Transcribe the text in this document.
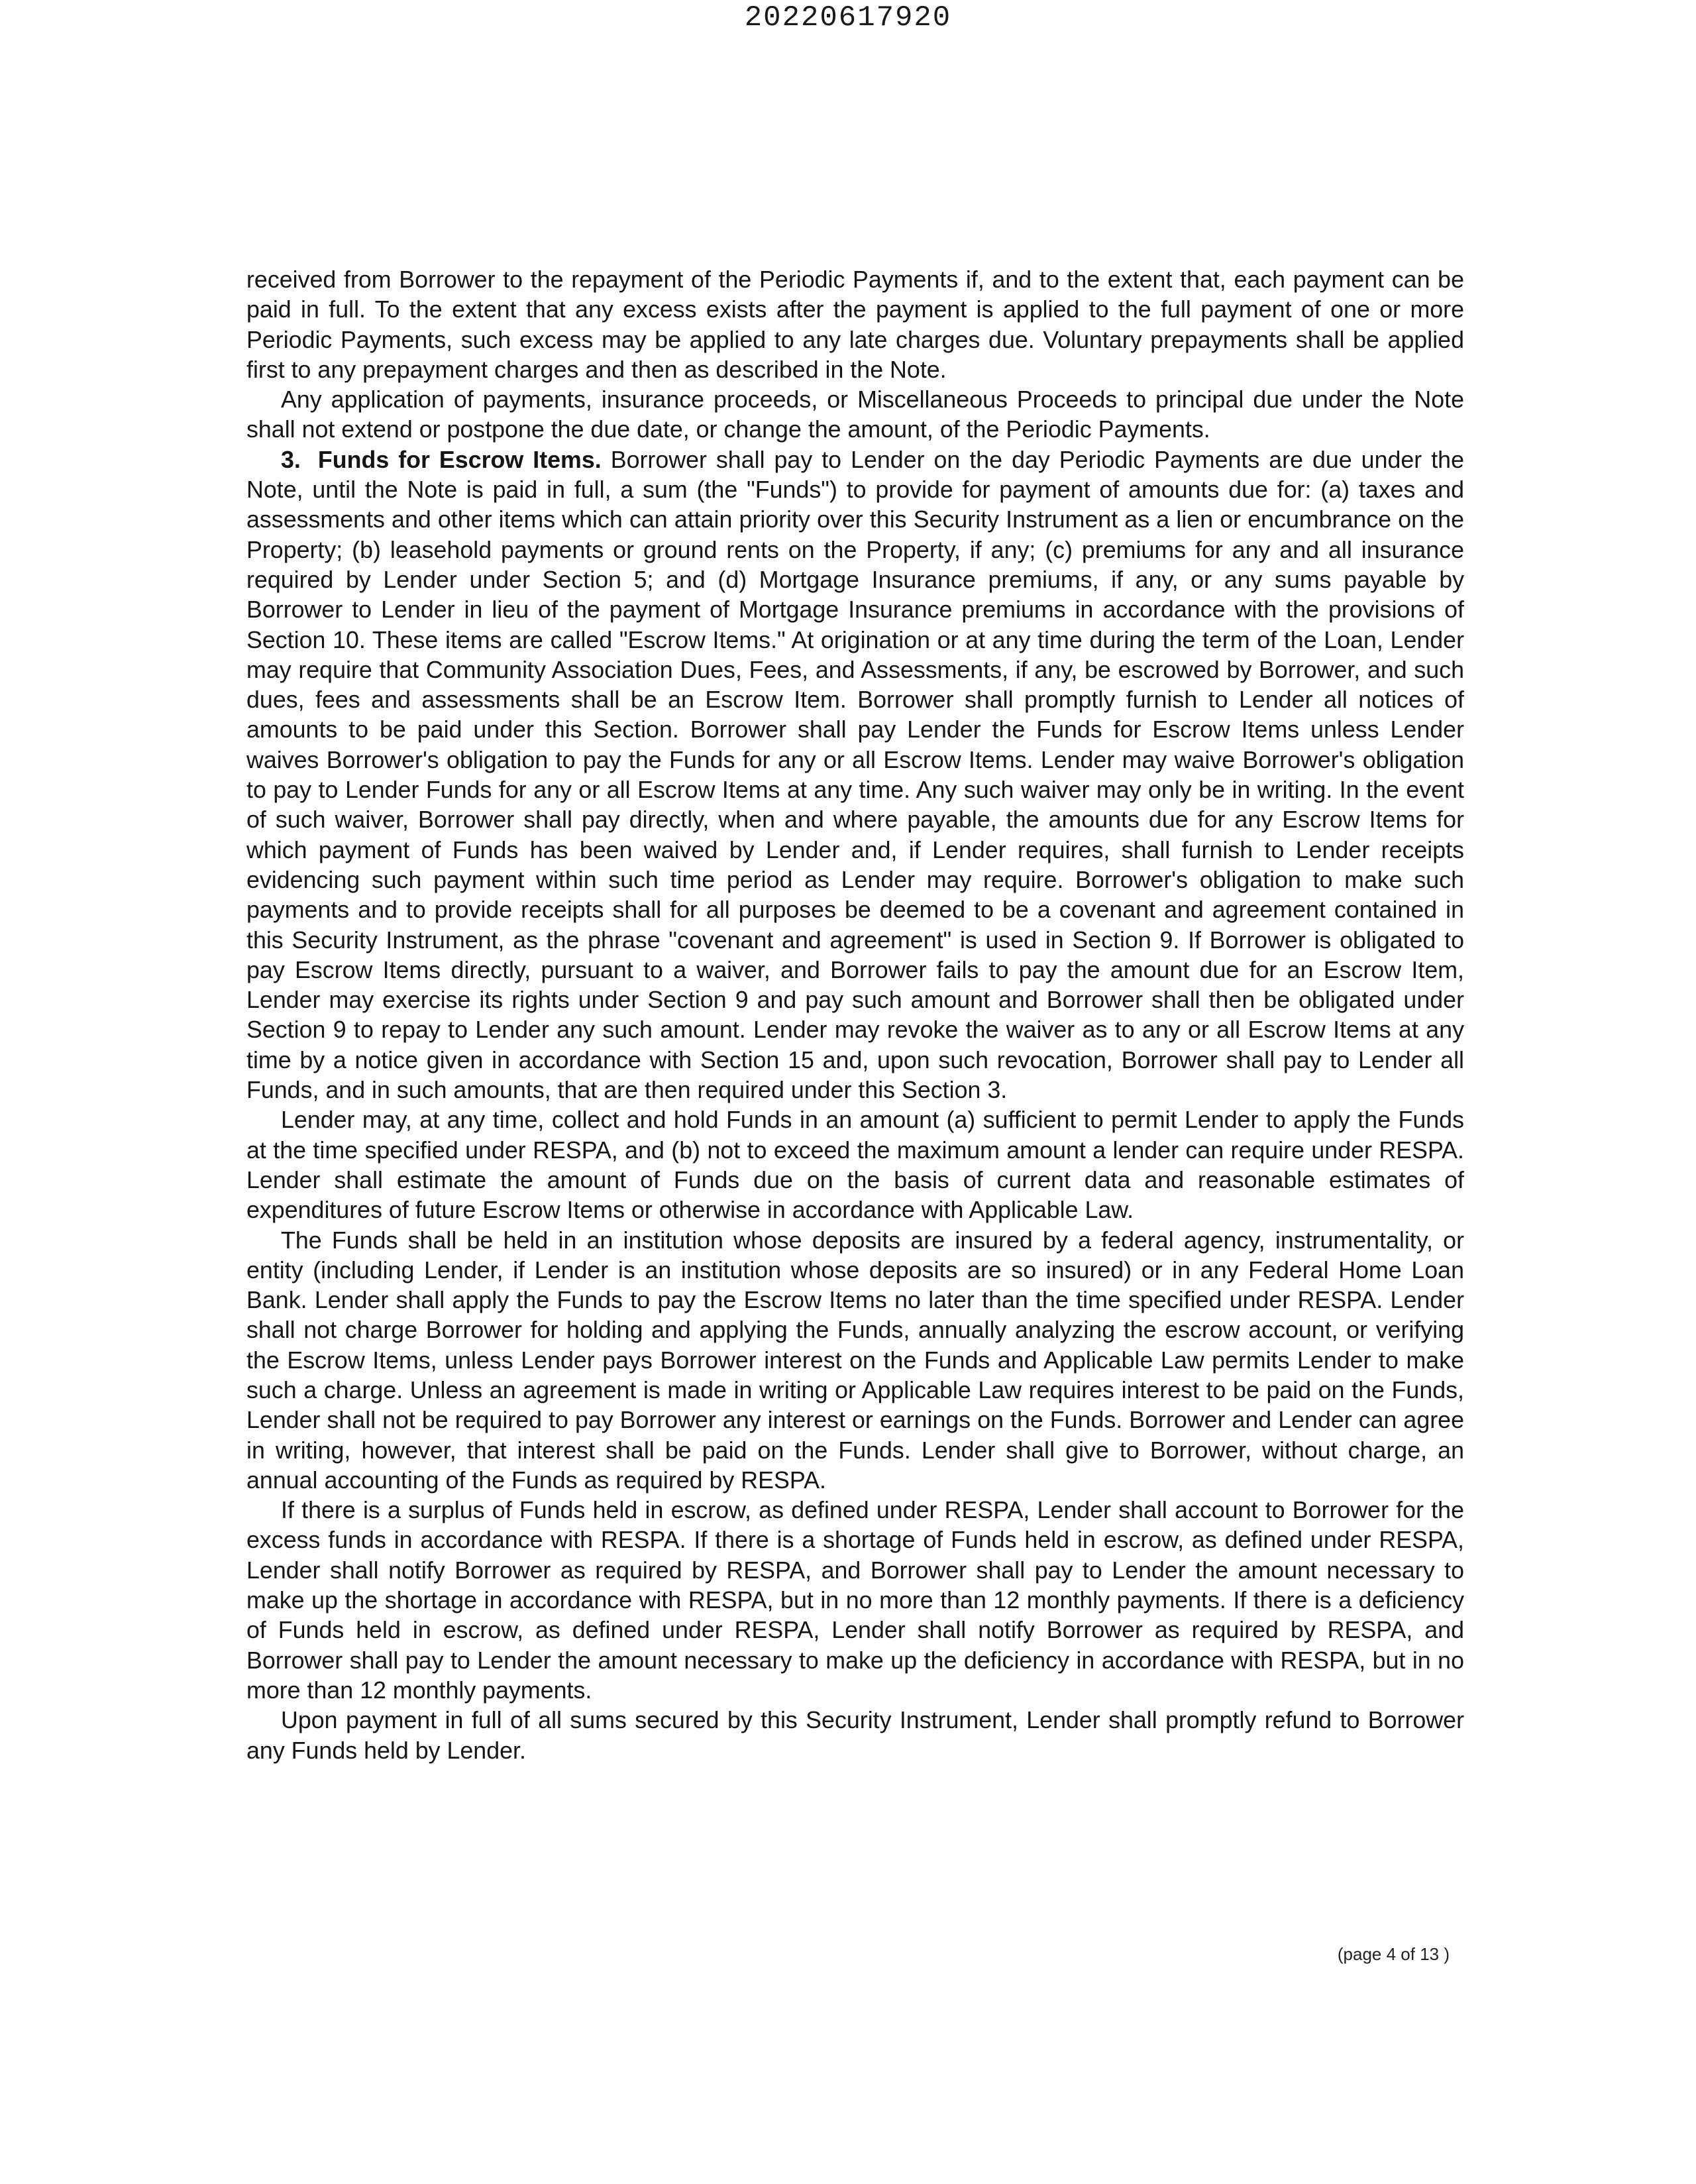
20220617920

received from Borrower to the repayment of the Periodic Payments if, and to the extent that, each payment can be paid in full. To the extent that any excess exists after the payment is applied to the full payment of one or more Periodic Payments, such excess may be applied to any late charges due. Voluntary prepayments shall be applied first to any prepayment charges and then as described in the Note.

Any application of payments, insurance proceeds, or Miscellaneous Proceeds to principal due under the Note shall not extend or postpone the due date, or change the amount, of the Periodic Payments.

3. Funds for Escrow Items. Borrower shall pay to Lender on the day Periodic Payments are due under the Note, until the Note is paid in full, a sum (the "Funds") to provide for payment of amounts due for: (a) taxes and assessments and other items which can attain priority over this Security Instrument as a lien or encumbrance on the Property; (b) leasehold payments or ground rents on the Property, if any; (c) premiums for any and all insurance required by Lender under Section 5; and (d) Mortgage Insurance premiums, if any, or any sums payable by Borrower to Lender in lieu of the payment of Mortgage Insurance premiums in accordance with the provisions of Section 10. These items are called "Escrow Items." At origination or at any time during the term of the Loan, Lender may require that Community Association Dues, Fees, and Assessments, if any, be escrowed by Borrower, and such dues, fees and assessments shall be an Escrow Item. Borrower shall promptly furnish to Lender all notices of amounts to be paid under this Section. Borrower shall pay Lender the Funds for Escrow Items unless Lender waives Borrower's obligation to pay the Funds for any or all Escrow Items. Lender may waive Borrower's obligation to pay to Lender Funds for any or all Escrow Items at any time. Any such waiver may only be in writing. In the event of such waiver, Borrower shall pay directly, when and where payable, the amounts due for any Escrow Items for which payment of Funds has been waived by Lender and, if Lender requires, shall furnish to Lender receipts evidencing such payment within such time period as Lender may require. Borrower's obligation to make such payments and to provide receipts shall for all purposes be deemed to be a covenant and agreement contained in this Security Instrument, as the phrase "covenant and agreement" is used in Section 9. If Borrower is obligated to pay Escrow Items directly, pursuant to a waiver, and Borrower fails to pay the amount due for an Escrow Item, Lender may exercise its rights under Section 9 and pay such amount and Borrower shall then be obligated under Section 9 to repay to Lender any such amount. Lender may revoke the waiver as to any or all Escrow Items at any time by a notice given in accordance with Section 15 and, upon such revocation, Borrower shall pay to Lender all Funds, and in such amounts, that are then required under this Section 3.

Lender may, at any time, collect and hold Funds in an amount (a) sufficient to permit Lender to apply the Funds at the time specified under RESPA, and (b) not to exceed the maximum amount a lender can require under RESPA. Lender shall estimate the amount of Funds due on the basis of current data and reasonable estimates of expenditures of future Escrow Items or otherwise in accordance with Applicable Law.

The Funds shall be held in an institution whose deposits are insured by a federal agency, instrumentality, or entity (including Lender, if Lender is an institution whose deposits are so insured) or in any Federal Home Loan Bank. Lender shall apply the Funds to pay the Escrow Items no later than the time specified under RESPA. Lender shall not charge Borrower for holding and applying the Funds, annually analyzing the escrow account, or verifying the Escrow Items, unless Lender pays Borrower interest on the Funds and Applicable Law permits Lender to make such a charge. Unless an agreement is made in writing or Applicable Law requires interest to be paid on the Funds, Lender shall not be required to pay Borrower any interest or earnings on the Funds. Borrower and Lender can agree in writing, however, that interest shall be paid on the Funds. Lender shall give to Borrower, without charge, an annual accounting of the Funds as required by RESPA.

If there is a surplus of Funds held in escrow, as defined under RESPA, Lender shall account to Borrower for the excess funds in accordance with RESPA. If there is a shortage of Funds held in escrow, as defined under RESPA, Lender shall notify Borrower as required by RESPA, and Borrower shall pay to Lender the amount necessary to make up the shortage in accordance with RESPA, but in no more than 12 monthly payments. If there is a deficiency of Funds held in escrow, as defined under RESPA, Lender shall notify Borrower as required by RESPA, and Borrower shall pay to Lender the amount necessary to make up the deficiency in accordance with RESPA, but in no more than 12 monthly payments.

Upon payment in full of all sums secured by this Security Instrument, Lender shall promptly refund to Borrower any Funds held by Lender.

(page 4 of 13 )
